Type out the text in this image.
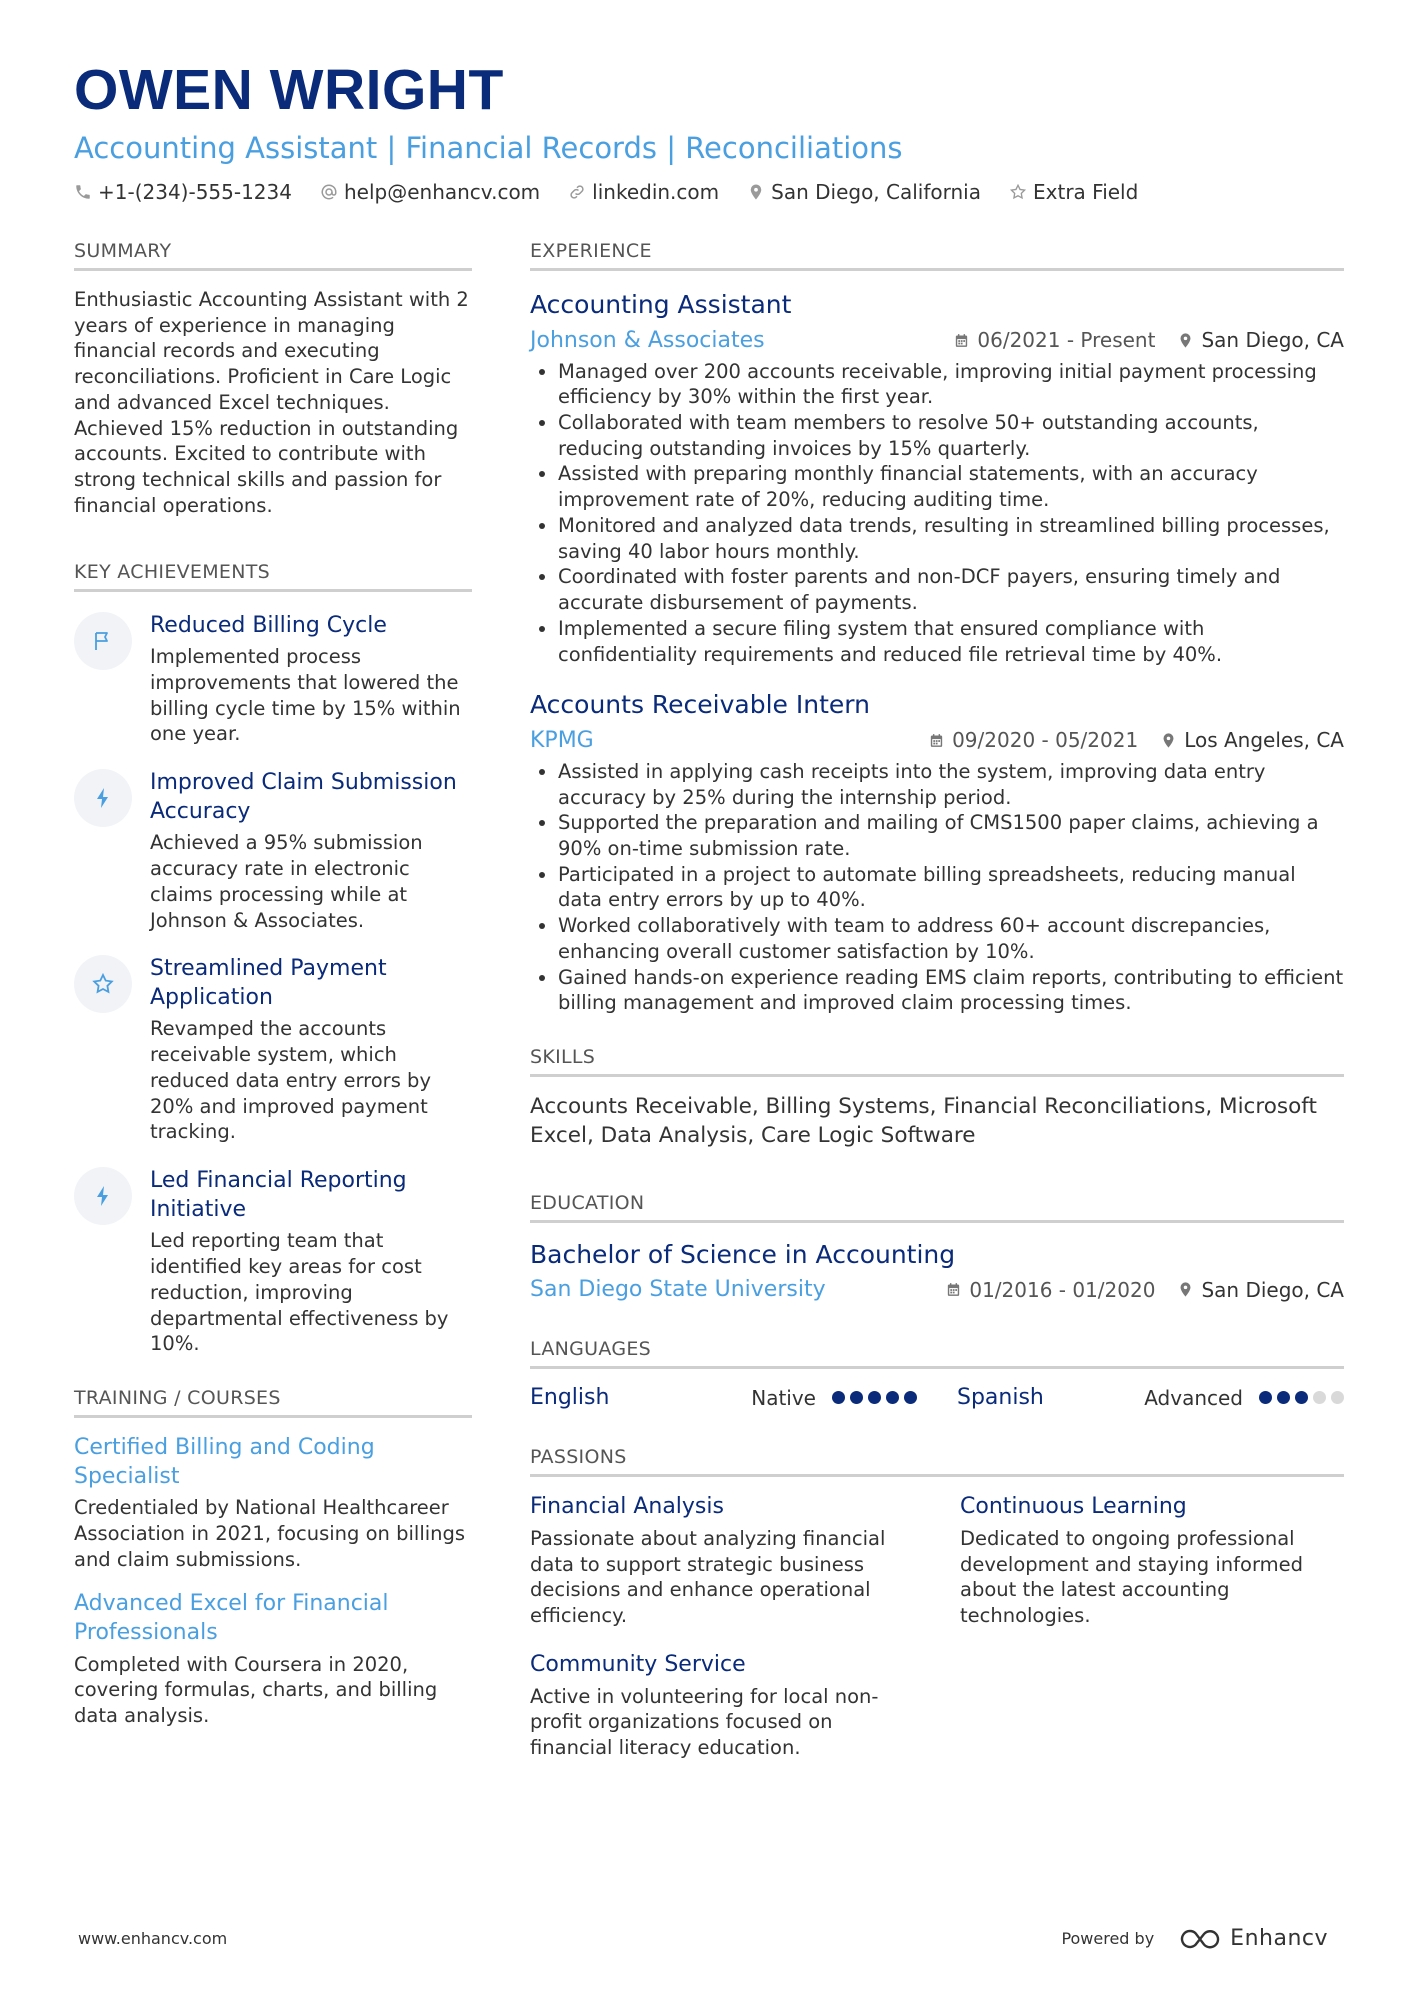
OWEN WRIGHT
Accounting Assistant | Financial Records | Reconciliations
+1-(234)-555-1234	help@enhancv.com	linkedin.com	San Diego, California	Extra Field
SUMMARY
Enthusiastic Accounting Assistant with 2 years of experience in managing financial records and executing reconciliations. Proficient in Care Logic and advanced Excel techniques. Achieved 15% reduction in outstanding accounts. Excited to contribute with strong technical skills and passion for financial operations.
KEY ACHIEVEMENTS
Reduced Billing Cycle
Implemented process improvements that lowered the billing cycle time by 15% within one year.
Improved Claim Submission Accuracy
Achieved a 95% submission accuracy rate in electronic claims processing while at Johnson & Associates.
Streamlined Payment Application
Revamped the accounts receivable system, which reduced data entry errors by 20% and improved payment tracking.
Led Financial Reporting Initiative
Led reporting team that identified key areas for cost reduction, improving departmental effectiveness by 10%.
TRAINING / COURSES
Certified Billing and Coding Specialist
Credentialed by National Healthcareer Association in 2021, focusing on billings and claim submissions.
Advanced Excel for Financial Professionals
Completed with Coursera in 2020, covering formulas, charts, and billing data analysis.
EXPERIENCE
Accounting Assistant
Johnson & Associates	06/2021 - Present San Diego, CA
• Managed over 200 accounts receivable, improving initial payment processing efficiency by 30% within the first year.
• Collaborated with team members to resolve 50+ outstanding accounts, reducing outstanding invoices by 15% quarterly.
• Assisted with preparing monthly financial statements, with an accuracy improvement rate of 20%, reducing auditing time.
• Monitored and analyzed data trends, resulting in streamlined billing processes, saving 40 labor hours monthly.
• Coordinated with foster parents and non-DCF payers, ensuring timely and accurate disbursement of payments.
• Implemented a secure filing system that ensured compliance with confidentiality requirements and reduced file retrieval time by 40%.
Accounts Receivable Intern
KPMG	09/2020 - 05/2021 Los Angeles, CA
• Assisted in applying cash receipts into the system, improving data entry accuracy by 25% during the internship period.
• Supported the preparation and mailing of CMS1500 paper claims, achieving a 90% on-time submission rate.
• Participated in a project to automate billing spreadsheets, reducing manual data entry errors by up to 40%.
• Worked collaboratively with team to address 60+ account discrepancies, enhancing overall customer satisfaction by 10%.
• Gained hands-on experience reading EMS claim reports, contributing to efficient billing management and improved claim processing times.
SKILLS
Accounts Receivable, Billing Systems, Financial Reconciliations, Microsoft Excel, Data Analysis, Care Logic Software
EDUCATION
Bachelor of Science in Accounting
San Diego State University	01/2016 - 01/2020 San Diego, CA
LANGUAGES
English	Native	Spanish	Advanced
PASSIONS
Financial Analysis
Passionate about analyzing financial data to support strategic business decisions and enhance operational efficiency.
Continuous Learning
Dedicated to ongoing professional development and staying informed about the latest accounting technologies.
Community Service
Active in volunteering for local non-profit organizations focused on financial literacy education.
www.enhancv.com	Powered by	Enhancv
